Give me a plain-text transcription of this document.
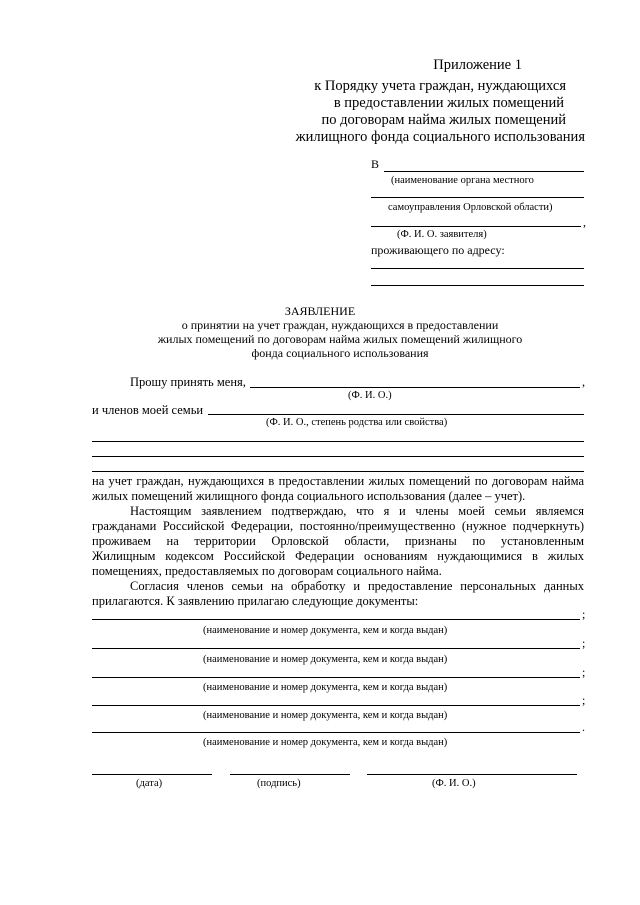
Приложение 1
к Порядку учета граждан, нуждающихся
в предоставлении жилых помещений
по договорам найма жилых помещений
жилищного фонда социального использования
В
(наименование органа местного
самоуправления Орловской области)
,
(Ф. И. О. заявителя)
проживающего по адресу:
ЗАЯВЛЕНИЕ
о принятии на учет граждан, нуждающихся в предоставлении
жилых помещений по договорам найма жилых помещений жилищного
фонда социального использования
Прошу принять меня,	,
(Ф. И. О.)
и членов моей семьи
(Ф. И. О., степень родства или свойства)
на учет граждан, нуждающихся в предоставлении жилых помещений по договорам найма
жилых помещений жилищного фонда социального использования (далее – учет).
Настоящим заявлением подтверждаю, что я и члены моей семьи являемся
гражданами Российской Федерации, постоянно/преимущественно (нужное подчеркнуть)
проживаем на территории Орловской области, признаны по установленным
Жилищным кодексом Российской Федерации основаниям нуждающимися в жилых
помещениях, предоставляемых по договорам социального найма.
Согласия членов семьи на обработку и предоставление персональных данных
прилагаются. К заявлению прилагаю следующие документы:
;
(наименование и номер документа, кем и когда выдан)
;
(наименование и номер документа, кем и когда выдан)
;
(наименование и номер документа, кем и когда выдан)
;
(наименование и номер документа, кем и когда выдан)
.
(наименование и номер документа, кем и когда выдан)
(дата)	(подпись)	(Ф. И. О.)
